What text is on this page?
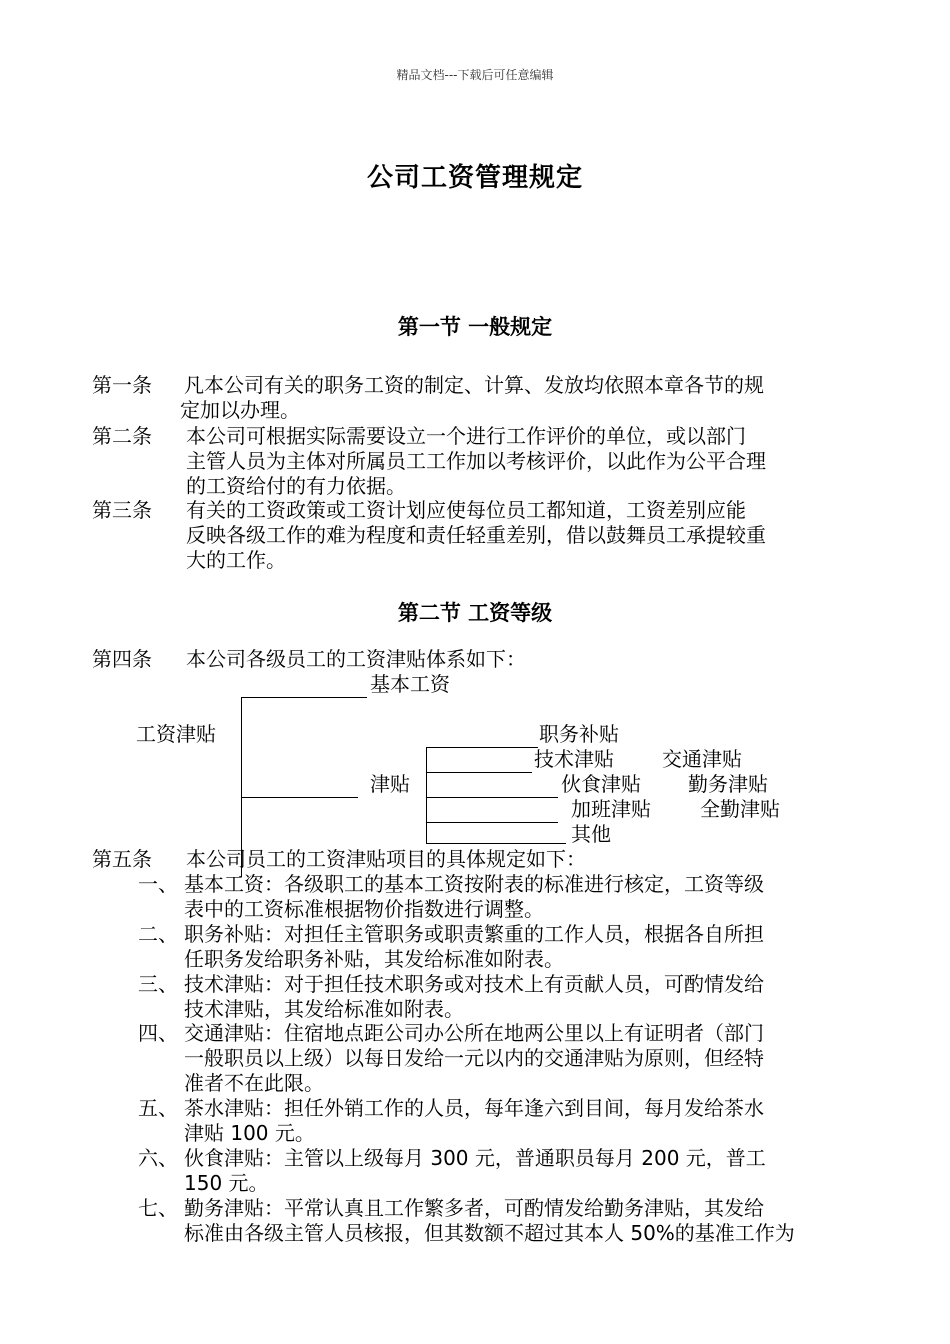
精品文档---下载后可任意编辑
公司工资管理规定
第一节 一般规定
第一条 凡本公司有关的职务工资的制定、计算、发放均依照本章各节的规
定加以办理。
第二条 本公司可根据实际需要设立一个进行工作评价的单位，或以部门
主管人员为主体对所属员工工作加以考核评价，以此作为公平合理
的工资给付的有力依据。
第三条 有关的工资政策或工资计划应使每位员工都知道，工资差别应能
反映各级工作的难为程度和责任轻重差别，借以鼓舞员工承提较重
大的工作。
第二节 工资等级
第四条 本公司各级员工的工资津贴体系如下：
基本工资
工资津贴	职务补贴
技术津贴 交通津贴
津贴	伙食津贴 勤务津贴
加班津贴 全勤津贴
其他
第五条 本公司员工的工资津贴项目的具体规定如下：
一、 基本工资：各级职工的基本工资按附表的标准进行核定，工资等级
表中的工资标准根据物价指数进行调整。
二、 职务补贴：对担任主管职务或职责繁重的工作人员，根据各自所担
任职务发给职务补贴，其发给标准如附表。
三、 技术津贴：对于担任技术职务或对技术上有贡献人员，可酌情发给
技术津贴，其发给标准如附表。
四、 交通津贴：住宿地点距公司办公所在地两公里以上有证明者（部门
一般职员以上级）以每日发给一元以内的交通津贴为原则，但经特
准者不在此限。
五、 茶水津贴：担任外销工作的人员，每年逢六到目间，每月发给茶水
津贴 100 元。
六、 伙食津贴：主管以上级每月 300 元，普通职员每月 200 元，普工
150 元。
七、 勤务津贴：平常认真且工作繁多者，可酌情发给勤务津贴，其发给
标准由各级主管人员核报，但其数额不超过其本人 50%的基准工作为
